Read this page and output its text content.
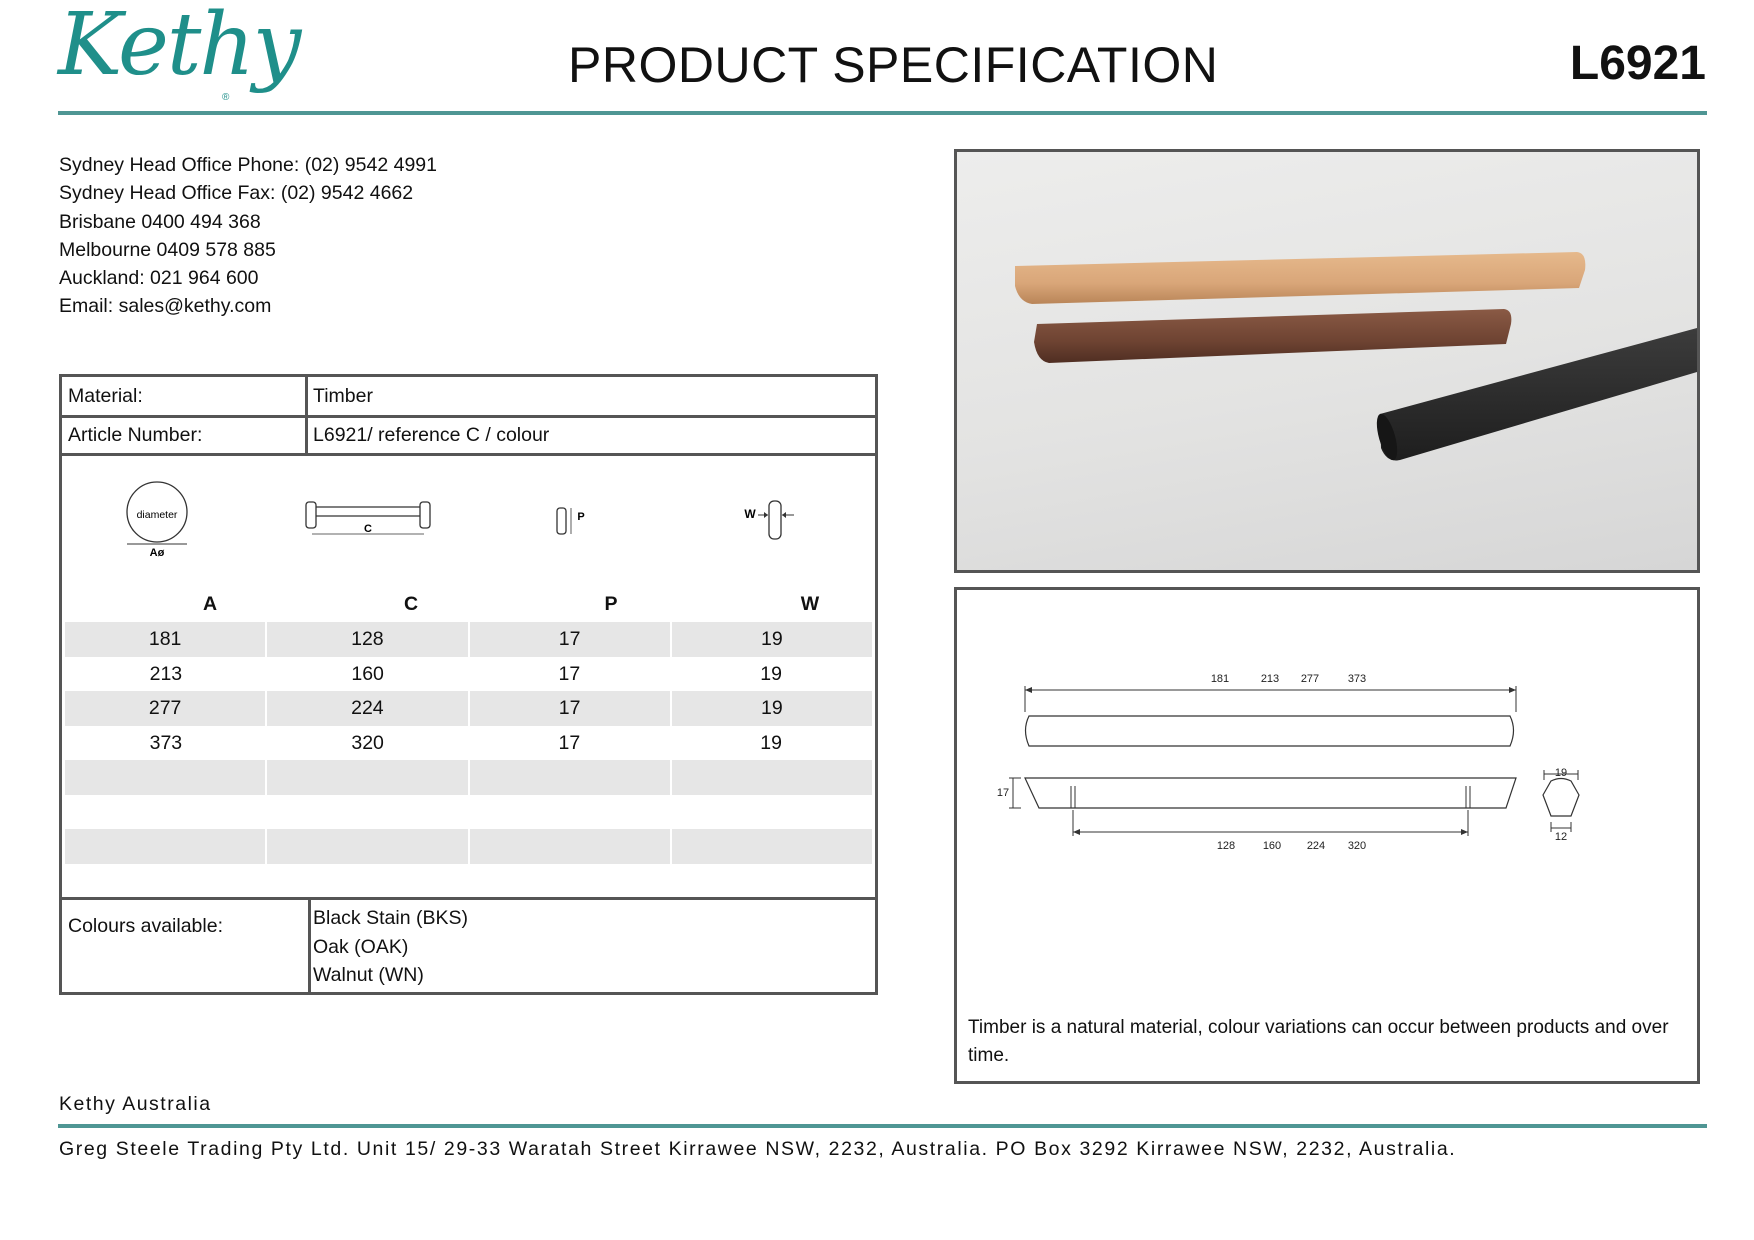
Kethy
®
PRODUCT SPECIFICATION	L6921
Sydney Head Office Phone: (02) 9542 4991
Sydney Head Office Fax: (02) 9542 4662
Brisbane 0400 494 368
Melbourne 0409 578 885
Auckland: 021 964 600
Email: sales@kethy.com
Material:	Timber
Article Number:	L6921/ reference C / colour
diameter
Aø
C
P	W
A	C	P	W
181	128	17	19
213	160	17	19
277	224	17	19
373	320	17	19
Colours available:	Black Stain (BKS)
Oak (OAK)
Walnut (WN)
181	213 277	373
128	160 224 320
17
19
12
Timber is a natural material, colour variations can occur between products and over time.
Kethy Australia
Greg Steele Trading Pty Ltd. Unit 15/ 29-33 Waratah Street Kirrawee NSW, 2232, Australia. PO Box 3292 Kirrawee NSW, 2232, Australia.
